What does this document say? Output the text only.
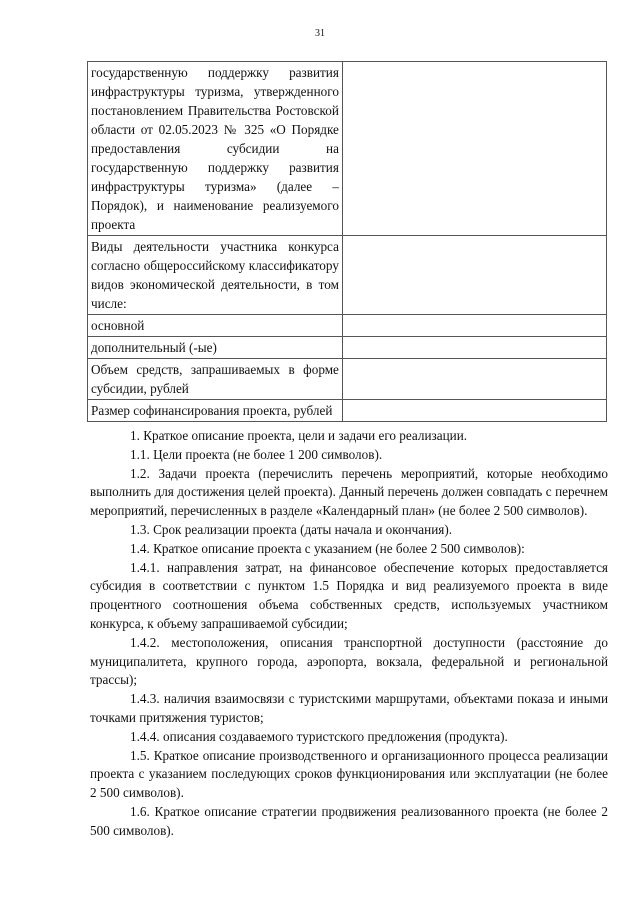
31
государственную поддержку развития инфраструктуры туризма, утвержденного постановлением Правительства Ростовской области от 02.05.2023 № 325 «О Порядке предоставления субсидии на государственную поддержку развития инфраструктуры туризма» (далее – Порядок), и наименование реализуемого проекта	
Виды деятельности участника конкурса согласно общероссийскому классификатору видов экономической деятельности, в том числе:	
основной	
дополнительный (-ые)	
Объем средств, запрашиваемых в форме субсидии, рублей	
Размер софинансирования проекта, рублей	

1. Краткое описание проекта, цели и задачи его реализации.

1.1. Цели проекта (не более 1 200 символов).

1.2. Задачи проекта (перечислить перечень мероприятий, которые необходимо выполнить для достижения целей проекта). Данный перечень должен совпадать с перечнем мероприятий, перечисленных в разделе «Календарный план» (не более 2 500 символов).

1.3. Срок реализации проекта (даты начала и окончания).

1.4. Краткое описание проекта с указанием (не более 2 500 символов):

1.4.1. направления затрат, на финансовое обеспечение которых предоставляется субсидия в соответствии с пунктом 1.5 Порядка и вид реализуемого проекта в виде процентного соотношения объема собственных средств, используемых участником конкурса, к объему запрашиваемой субсидии;

1.4.2. местоположения, описания транспортной доступности (расстояние до муниципалитета, крупного города, аэропорта, вокзала, федеральной и региональной трассы);

1.4.3. наличия взаимосвязи с туристскими маршрутами, объектами показа и иными точками притяжения туристов;

1.4.4. описания создаваемого туристского предложения (продукта).

1.5. Краткое описание производственного и организационного процесса реализации проекта с указанием последующих сроков функционирования или эксплуатации (не более 2 500 символов).

1.6. Краткое описание стратегии продвижения реализованного проекта (не более 2 500 символов).
